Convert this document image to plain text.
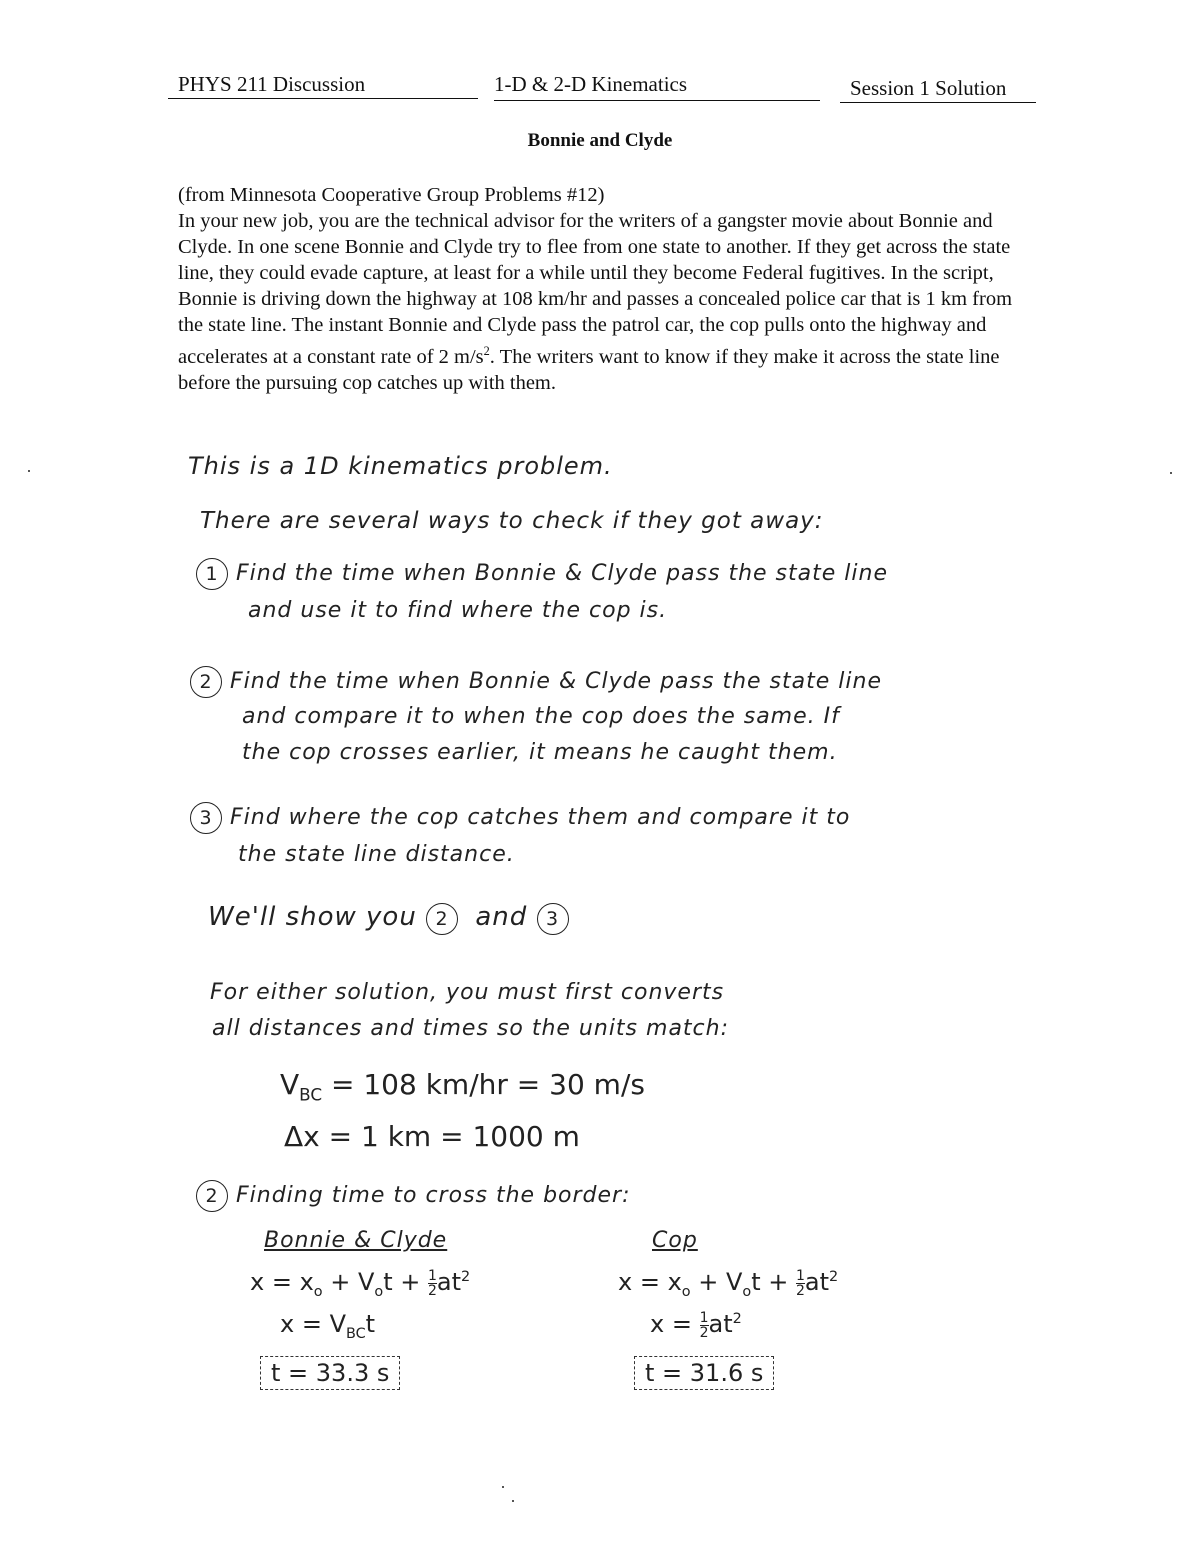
PHYS 211 Discussion	1-D & 2-D Kinematics	Session 1 Solution
Bonnie and Clyde

(from Minnesota Cooperative Group Problems #12)

In your new job, you are the technical advisor for the writers of a gangster movie about Bonnie and Clyde. In one scene Bonnie and Clyde try to flee from one state to another. If they get across the state line, they could evade capture, at least for a while until they become Federal fugitives. In the script, Bonnie is driving down the highway at 108 km/hr and passes a concealed police car that is 1 km from the state line. The instant Bonnie and Clyde pass the patrol car, the cop pulls onto the highway and accelerates at a constant rate of 2 $m/s^2$. The writers want to know if they make it across the state line before the pursuing cop catches up with them.

This is a 1D kinematics problem.
There are several ways to check if they got away:
1 Find the time when Bonnie & Clyde pass the state line
and use it to find where the cop is.
2 Find the time when Bonnie & Clyde pass the state line
and compare it to when the cop does the same. If
the cop crosses earlier, it means he caught them.
3 Find where the cop catches them and compare it to
the state line distance.
We'll show you 2 and 3
For either solution, you must first converts
all distances and times so the units match:
$V_{BC} = 108$ km/hr = 30 m/s
Δx = 1 km = 1000 m
2 Finding time to cross the border:
Bonnie & Clyde
$x = x_o + V_ot + \frac{1}{2} at^2$
$x = V_{BC}t$
t = 33.3 s
Cop
$x = x_o + V_ot + \frac{1}{2} at^2$
$x = \frac{1}{2} at^2$
t = 31.6 s
